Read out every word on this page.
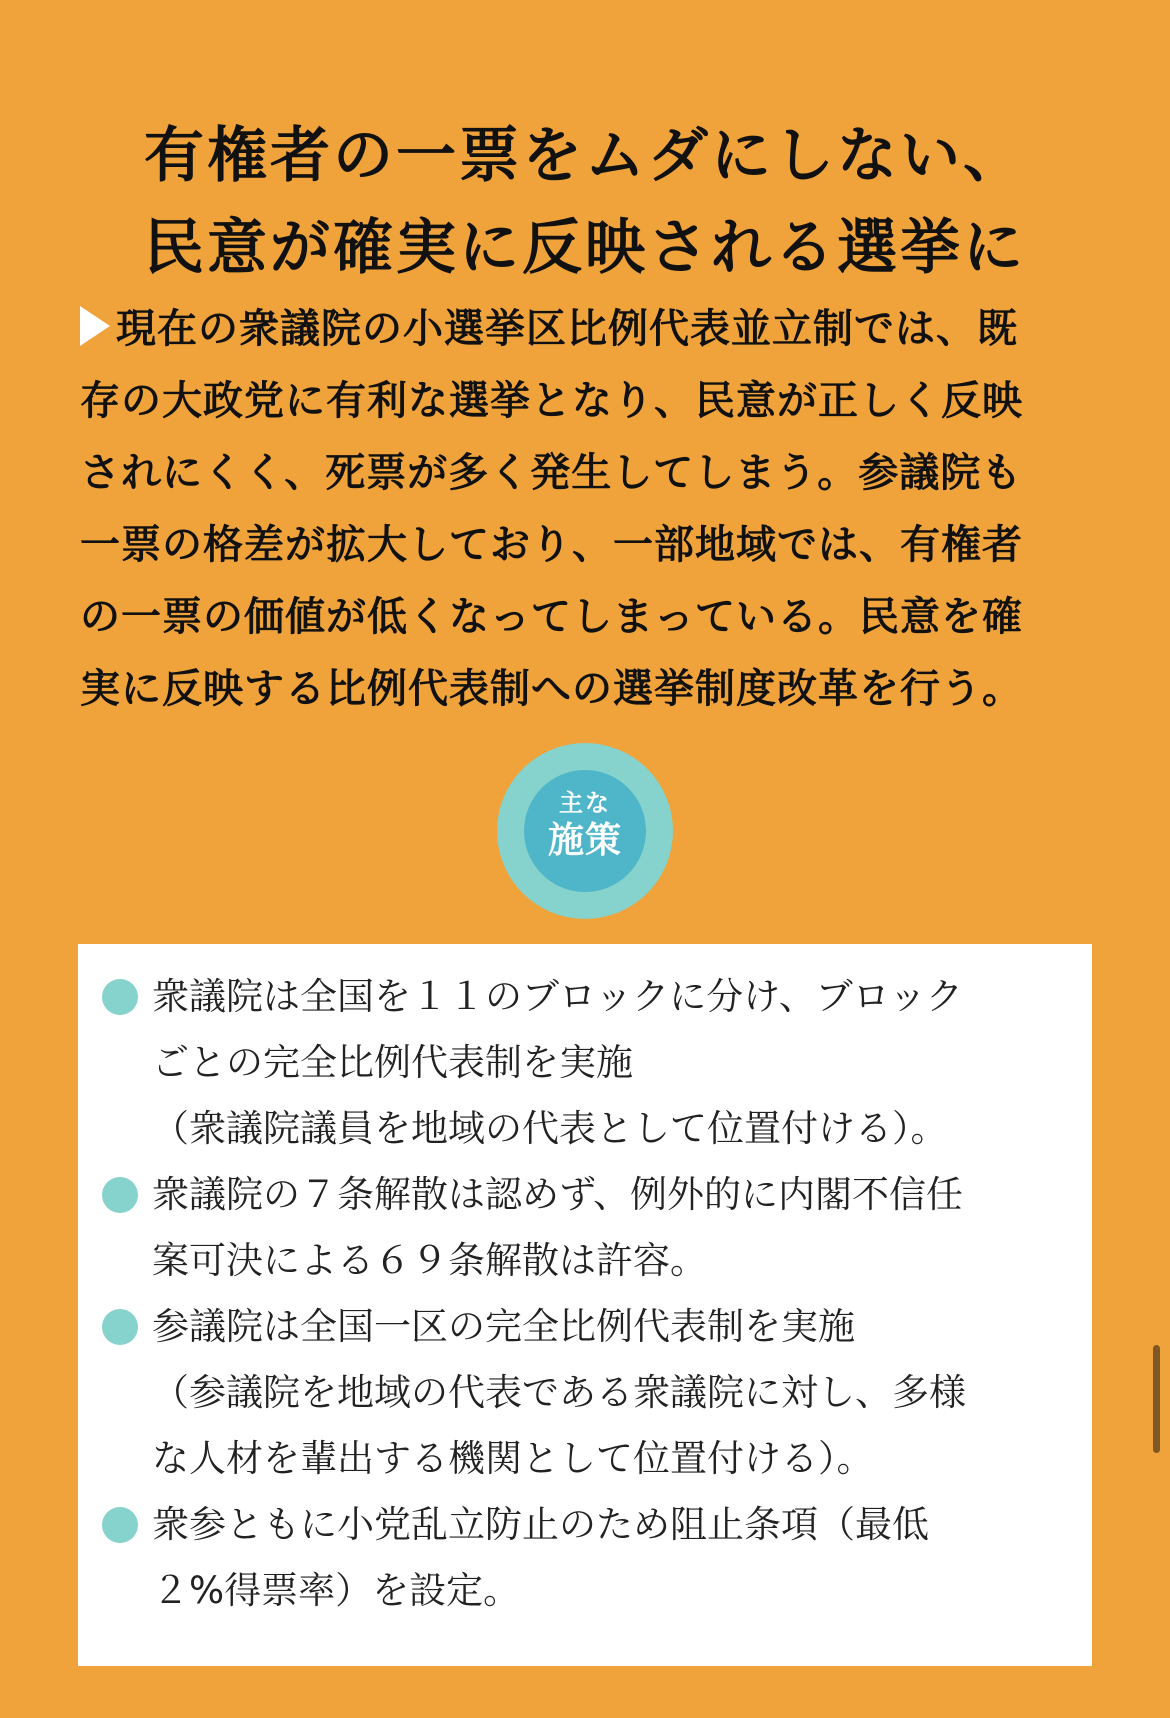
有権者の一票をムダにしない、
民意が確実に反映される選挙に
現在の衆議院の小選挙区比例代表並立制では、既
存の大政党に有利な選挙となり、民意が正しく反映
されにくく、死票が多く発生してしまう。参議院も
一票の格差が拡大しており、一部地域では、有権者
の一票の価値が低くなってしまっている。民意を確
実に反映する比例代表制への選挙制度改革を行う。
主な
施策
衆議院は全国を１１のブロックに分け、ブロック
ごとの完全比例代表制を実施
（衆議院議員を地域の代表として位置付ける）。
衆議院の７条解散は認めず、例外的に内閣不信任
案可決による６９条解散は許容。
参議院は全国一区の完全比例代表制を実施
（参議院を地域の代表である衆議院に対し、多様
な人材を輩出する機関として位置付ける）。
衆参ともに小党乱立防止のため阻止条項（最低
２%得票率）を設定。
